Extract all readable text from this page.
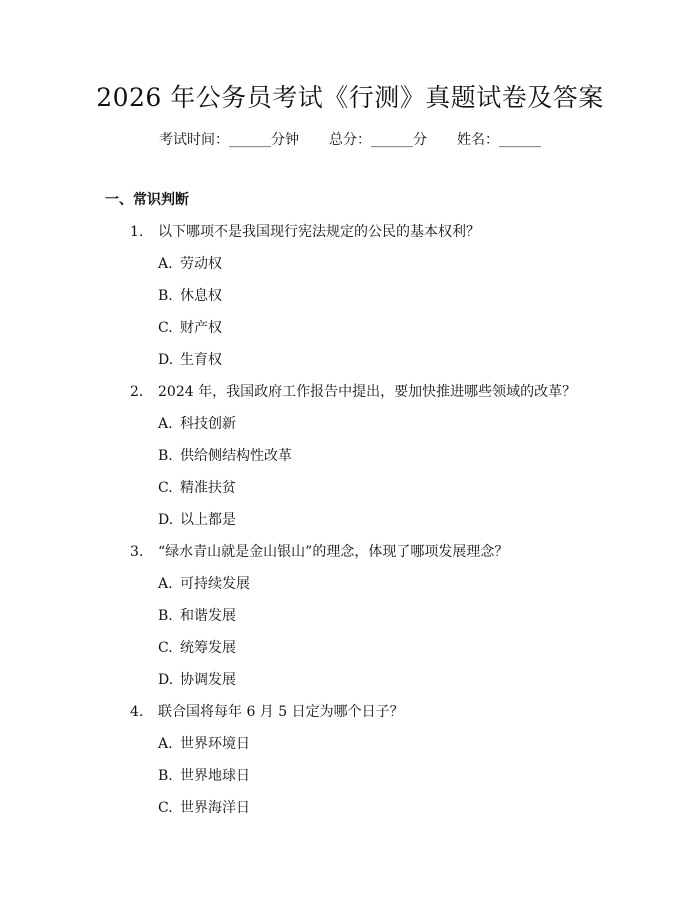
2026 年公务员考试《行测》真题试卷及答案
考试时间：______分钟 总分：______分 姓名：______
一、常识判断
1.	以下哪项不是我国现行宪法规定的公民的基本权利？
A. 劳动权
B. 休息权
C. 财产权
D. 生育权
2.	2024 年，我国政府工作报告中提出，要加快推进哪些领域的改革？
A. 科技创新
B. 供给侧结构性改革
C. 精准扶贫
D. 以上都是
3.	“绿水青山就是金山银山”的理念，体现了哪项发展理念？
A. 可持续发展
B. 和谐发展
C. 统筹发展
D. 协调发展
4.	联合国将每年 6 月 5 日定为哪个日子？
A. 世界环境日
B. 世界地球日
C. 世界海洋日
